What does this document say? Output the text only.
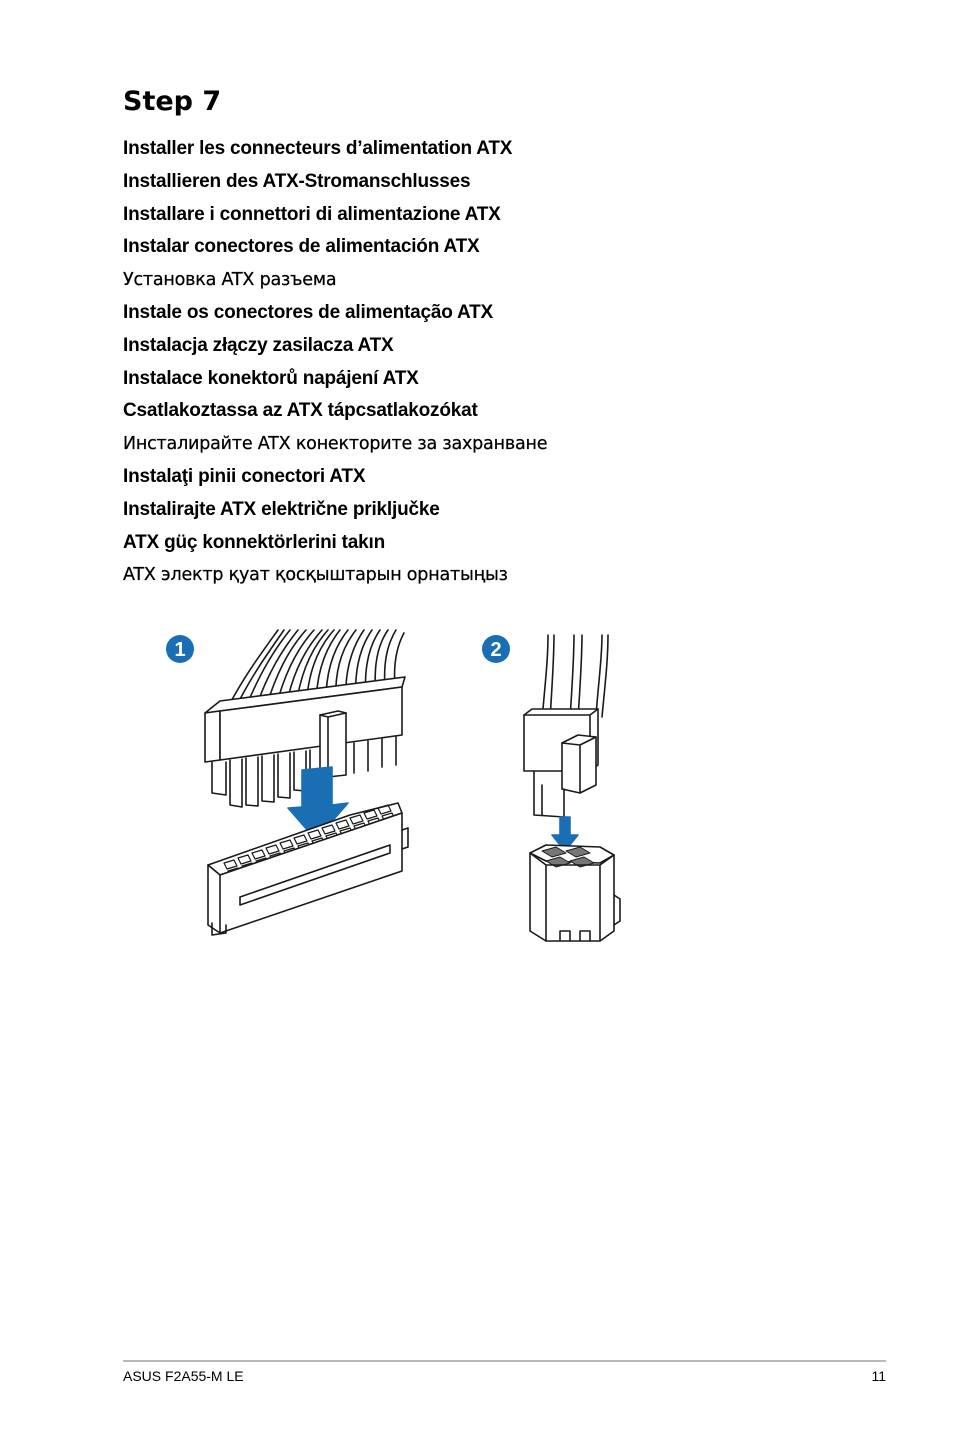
Step 7
Installer les connecteurs d’alimentation ATX
Installieren des ATX-Stromanschlusses
Installare i connettori di alimentazione ATX
Instalar conectores de alimentación ATX
Установка ATX разъема
Instale os conectores de alimentação ATX
Instalacja złączy zasilacza ATX
Instalace konektorů napájení ATX
Csatlakoztassa az ATX tápcsatlakozókat
Инсталирайте ATX конекторите за захранване
Instalaţi pinii conectori ATX
Instalirajte ATX električne priključke
ATX güç konnektörlerini takın
ATX электр қуат қосқыштарын орнатыңыз
1	2
ASUS F2A55-M LE	11
